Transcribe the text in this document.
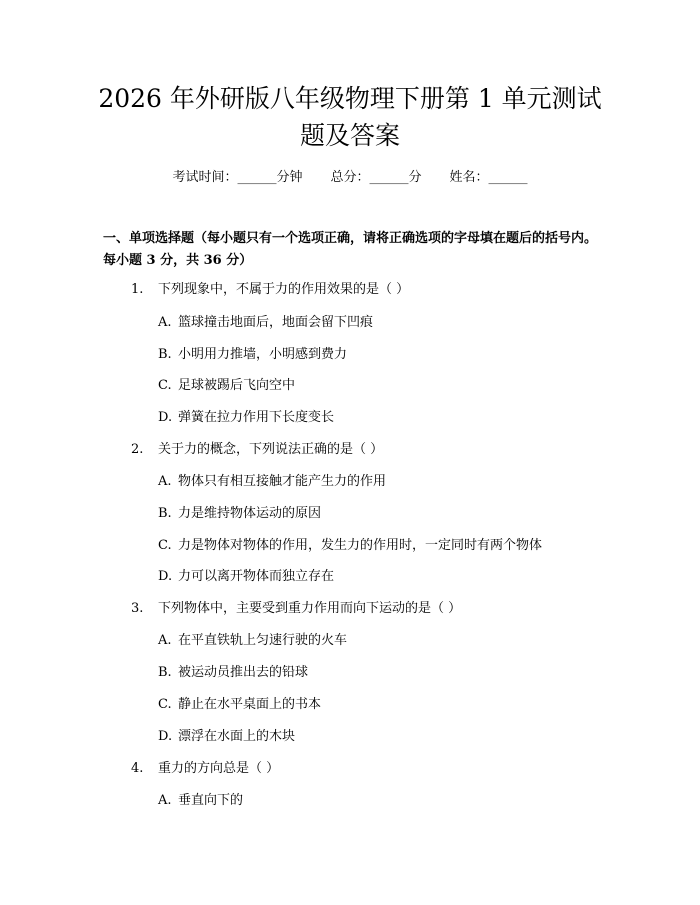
2026 年外研版八年级物理下册第 1 单元测试题及答案
考试时间：______分钟 总分：______分 姓名：______
一、单项选择题（每小题只有一个选项正确，请将正确选项的字母填在题后的括号内。每小题 3 分，共 36 分）
1. 下列现象中，不属于力的作用效果的是（ ）
A. 篮球撞击地面后，地面会留下凹痕
B. 小明用力推墙，小明感到费力
C. 足球被踢后飞向空中
D. 弹簧在拉力作用下长度变长
2. 关于力的概念，下列说法正确的是（ ）
A. 物体只有相互接触才能产生力的作用
B. 力是维持物体运动的原因
C. 力是物体对物体的作用，发生力的作用时，一定同时有两个物体
D. 力可以离开物体而独立存在
3. 下列物体中，主要受到重力作用而向下运动的是（ ）
A. 在平直铁轨上匀速行驶的火车
B. 被运动员推出去的铅球
C. 静止在水平桌面上的书本
D. 漂浮在水面上的木块
4. 重力的方向总是（ ）
A. 垂直向下的
